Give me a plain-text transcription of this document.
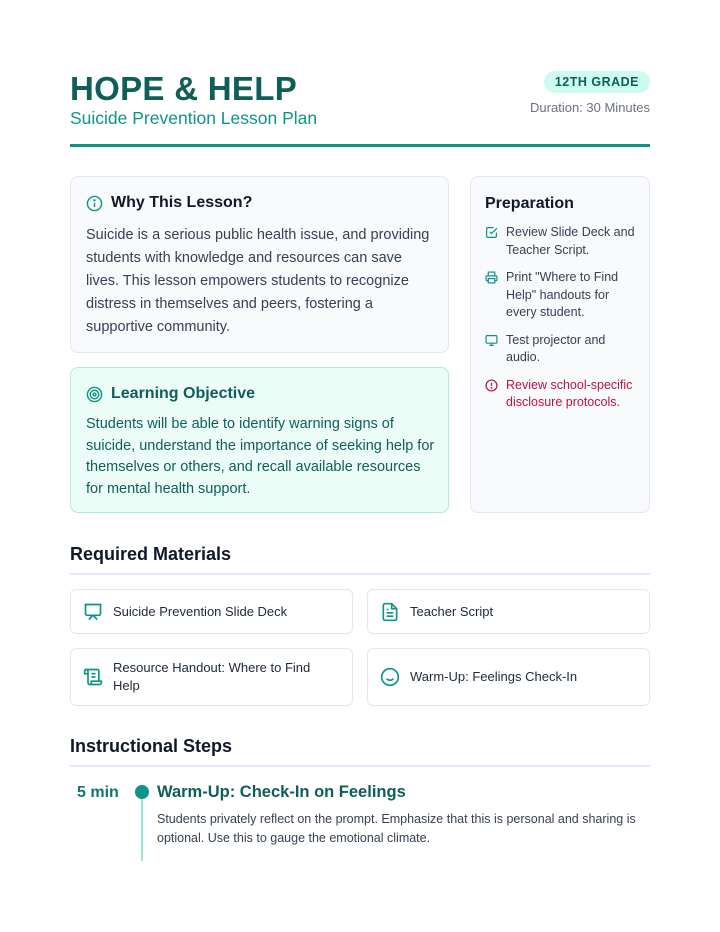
HOPE & HELP
Suicide Prevention Lesson Plan
12TH GRADE
Duration: 30 Minutes
Why This Lesson?

Suicide is a serious public health issue, and providing students with knowledge and resources can save lives. This lesson empowers students to recognize distress in themselves and peers, fostering a supportive community.

Learning Objective

Students will be able to identify warning signs of suicide, understand the importance of seeking help for themselves or others, and recall available resources for mental health support.

Preparation
Review Slide Deck and Teacher Script.
Print "Where to Find Help" handouts for every student.
Test projector and audio.
Review school-specific disclosure protocols.
Required Materials
Suicide Prevention Slide Deck	Teacher Script
Resource Handout: Where to Find Help
Warm-Up: Feelings Check-In
Instructional Steps
5 min Warm-Up: Check-In on Feelings

Students privately reflect on the prompt. Emphasize that this is personal and sharing is optional. Use this to gauge the emotional climate.
